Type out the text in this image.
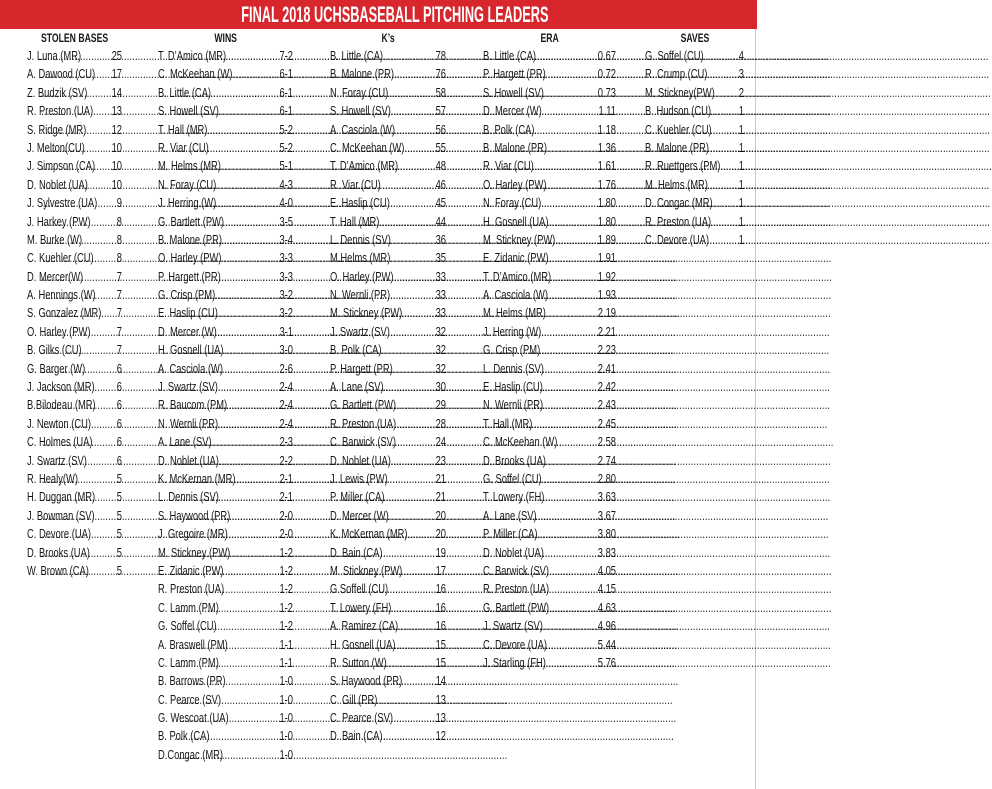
FINAL 2018 UCHSBASEBALL PITCHING LEADERS
STOLEN BASES
J. Luna (MR) ..... 25
A. Dawood (CU) ..... 17
Z. Budzik (SV) ..... 14
R. Preston (UA) ..... 13
S. Ridge (MR) ..... 12
J. Melton(CU) ..... 10
J. Simpson (CA) ..... 10
D. Noblet (UA) ..... 10
J. Sylvestre (UA) ..... 9
J. Harkey (PW) ..... 8
M. Burke (W) .....	8
C. Kuehler (CU) ..... 8
D. Mercer(W) .....	7
A. Hennings (W) ..... 7
S. Gonzalez (MR) ..... 7
O. Harley (PW) ..... 7
B. Gilks (CU) .....	7
G. Barger (W) ..... 6
J. Jackson (MR) ..... 6
B.Bilodeau (MR) ..... 6
J. Newton (CU) ..... 6
C. Holmes (UA) ..... 6
J. Swartz (SV) ..... 6
R. Healy(W) .....	5
H. Duggan (MR) ..... 5
J. Bowman (SV) ..... 5
C. Devore (UA) ..... 5
D. Brooks (UA) ..... 5
W. Brown (CA) ..... 5
WINS
T. D’Amico (MR) .....	7-2
C. McKeehan (W) .....	6-1
B. Little (CA) .....	6-1
S. Howell (SV) .....	6-1
T. Hall (MR) .....	5-2
R. Viar (CU) .....	5-2
M. Helms (MR) .....	5-1
N. Foray (CU) .....	4-3
J. Herring (W) .....	4-0
G. Bartlett (PW) .....	3-5
B. Malone (PR) .....	3-4
O. Harley (PW) .....	3-3
P. Hargett (PR) .....	3-3
G. Crisp (PM) .....	3-2
E. Haslip (CU) .....	3-2
D. Mercer (W) .....	3-1
H. Gosnell (UA) .....	3-0
A. Casciola (W) .....	2-6
J. Swartz (SV) .....	2-4
R. Baucom (PM) .....	2-4
N. Wernli (PR) .....	2-4
A. Lane (SV) .....	2-3
D. Noblet (UA) .....	2-2
K. McKernan (MR) .....	2-1
L. Dennis (SV) .....	2-1
S. Haywood (PR) .....	2-0
J. Gregoire (MR) .....	2-0
M. Stickney (PW) .....	1-2
E. Zidanic (PW) .....	1-2
R. Preston (UA) .....	1-2
C. Lamm (PM) .....	1-2
G. Soffel (CU) .....	1-2
A. Braswell (PM) .....	1-1
C. Lamm (PM) .....	1-1
B. Barrows (PR) .....	1-0
C. Pearce (SV) .....	1-0
G. Wescoat (UA) .....	1-0
B. Polk (CA) .....	1-0
D.Congac (MR) .....	1-0
K’s
B. Little (CA) .....	78
B. Malone (PR) .....	76
N. Foray (CU) .....	58
S. Howell (SV) .....	57
A. Casciola (W) .....	56
C. McKeehan (W) ..... 55
T. D’Amico (MR) .....	48
R. Viar (CU) .....	46
E. Haslip (CU) .....	45
T. Hall (MR) .....	44
L. Dennis (SV) .....	36
M.Helms (MR) .....	35
O. Harley (PW) .....	33
N. Wernli (PR) .....	33
M. Stickney (PW) .....	33
J. Swartz (SV) .....	32
B. Polk (CA) .....	32
P. Hargett (PR) .....	32
A. Lane (SV) .....	30
G. Bartlett (PW) .....	29
R. Preston (UA) .....	28
C. Barwick (SV) .....	24
D. Noblet (UA) .....	23
J. Lewis (PW) .....	21
P. Miller (CA) .....	21
D. Mercer (W) .....	20
K. McKernan (MR) ..... 20
D. Bain (CA) .....	19
M. Stickney (PW) .....	17
G.Soffell (CU) .....	16
T. Lowery (FH) .....	16
A. Ramirez (CA) .....	16
H. Gosnell (UA) .....	15
R. Sutton (W) .....	15
S. Haywood (PR) .....	14
C. Gill (PR) .....	13
C. Pearce (SV) .....	13
D. Bain (CA) .....	12
ERA
B. Little (CA) .....	0.67
P. Hargett (PR) .....	0.72
S. Howell (SV) .....	0.73
D. Mercer (W) .....	1.11
B. Polk (CA) .....	1.18
B. Malone (PR) .....	1.36
R. Viar (CU) .....	1.61
O. Harley (PW) .....	1.76
N. Foray (CU) .....	1.80
H. Gosnell (UA) .....	1.80
M. Stickney (PW) .....	1.89
E. Zidanic (PW) .....	1.91
T. D’Amico (MR) .....	1.92
A. Casciola (W) .....	1.93
M. Helms (MR) .....	2.19
J. Herring (W) .....	2.21
G. Crisp (PM) .....	2.23
L. Dennis (SV) .....	2.41
E. Haslip (CU) .....	2.42
N. Wernli (PR) .....	2.43
T. Hall (MR) .....	2.45
C. McKeehan (W) .....	2.58
D. Brooks (UA) .....	2.74
G. Soffel (CU) .....	2.80
T. Lowery (FH) .....	3.63
A. Lane (SV) .....	3.67
P. Miller (CA) .....	3.80
D. Noblet (UA) .....	3.83
C. Barwick (SV) .....	4.05
R. Preston (UA) .....	4.15
G. Bartlett (PW) .....	4.63
J. Swartz (SV) .....	4.96
C. Devore (UA) .....	5.44
J. Starling (FH) .....	5.76
SAVES
G. Soffel (CU) .....	4
R. Crump (CU) ..... 3
M. Stickney(PW) ..... 2
B. Hudson (CU) ..... 1
C. Kuehler (CU) ..... 1
B. Malone (PR) ..... 1
R. Ruettgers (PM) ..... 1
M. Helms (MR) ..... 1
D. Congac (MR) ..... 1
R. Preston (UA) ..... 1
C. Devore (UA) ..... 1
